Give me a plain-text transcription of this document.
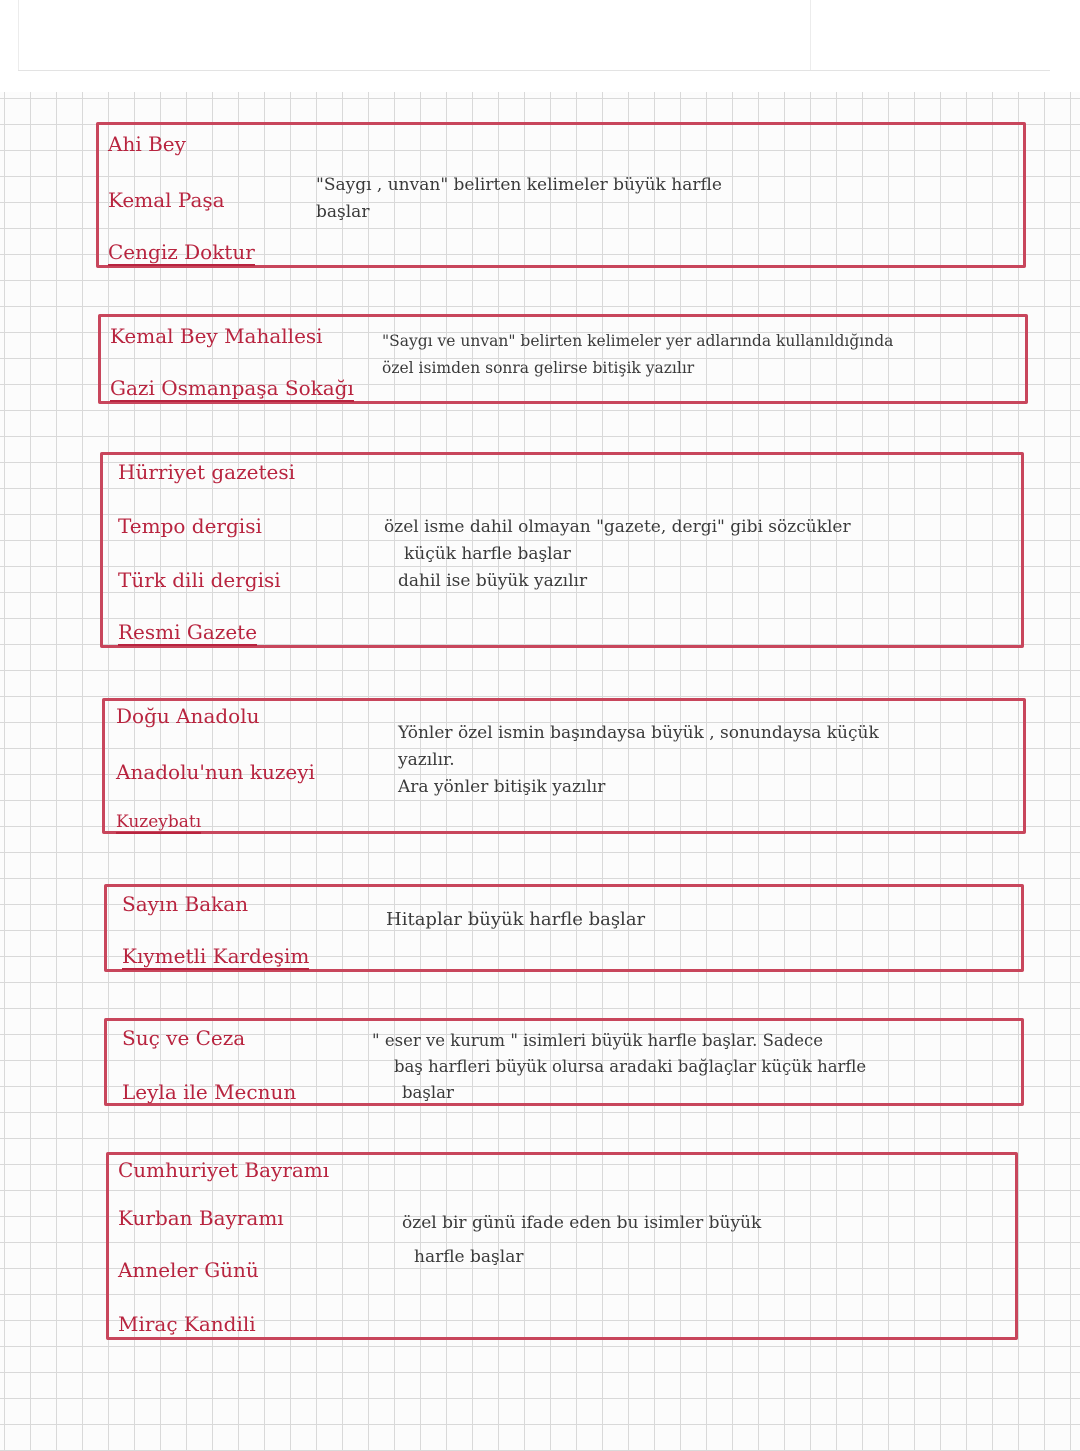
Ahi Bey
Kemal Paşa
Cengiz Doktur
"Saygı , unvan" belirten kelimeler büyük harfle
başlar
Kemal Bey Mahallesi
Gazi Osmanpaşa Sokağı
"Saygı ve unvan" belirten kelimeler yer adlarında kullanıldığında
özel isimden sonra gelirse bitişik yazılır
Hürriyet gazetesi
Tempo dergisi
Türk dili dergisi
Resmi Gazete
özel isme dahil olmayan "gazete, dergi" gibi sözcükler
küçük harfle başlar
dahil ise büyük yazılır
Doğu Anadolu
Anadolu'nun kuzeyi
Kuzeybatı
Yönler özel ismin başındaysa büyük , sonundaysa küçük
yazılır.
Ara yönler bitişik yazılır
Sayın Bakan
Kıymetli Kardeşim
Hitaplar büyük harfle başlar
Suç ve Ceza
Leyla ile Mecnun
" eser ve kurum " isimleri büyük harfle başlar. Sadece
baş harfleri büyük olursa aradaki bağlaçlar küçük harfle
başlar
Cumhuriyet Bayramı
Kurban Bayramı
Anneler Günü
Miraç Kandili
özel bir günü ifade eden bu isimler büyük
harfle başlar
